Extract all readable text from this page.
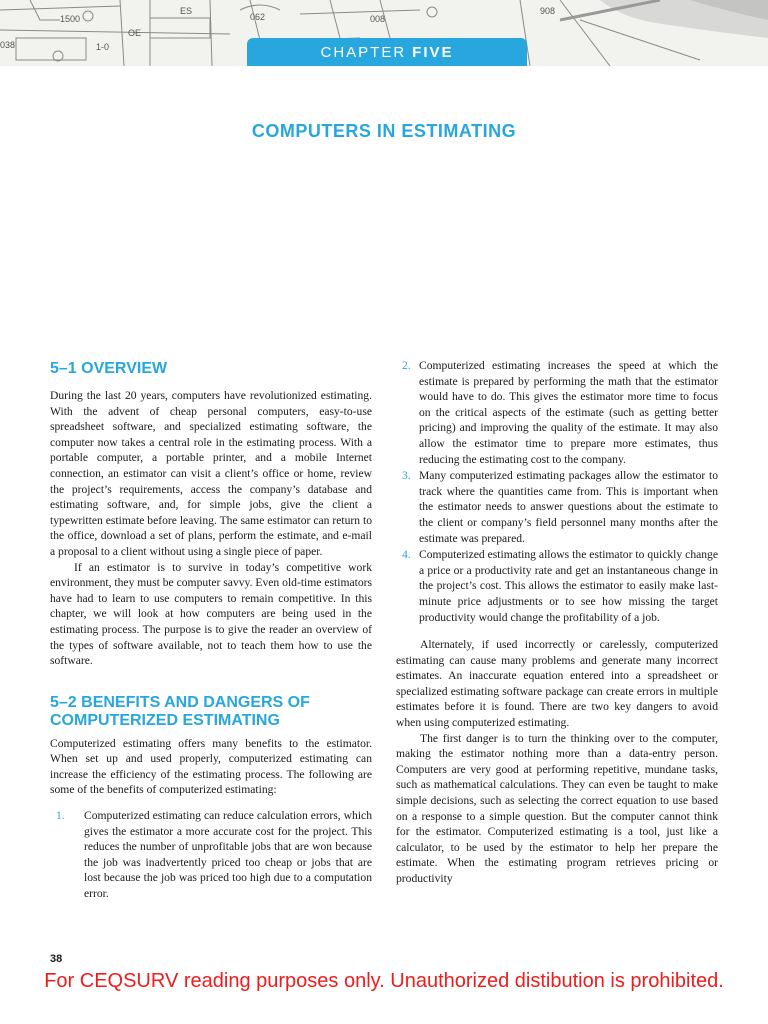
038
1500
OE
1-0
ES
062	008
908
CHAPTER FIVE
COMPUTERS IN ESTIMATING
5–1 OVERVIEW

During the last 20 years, computers have revolutionized estimating. With the advent of cheap personal computers, easy-to-use spreadsheet software, and specialized estimating software, the computer now takes a central role in the estimating process. With a portable computer, a portable printer, and a mobile Internet connection, an estimator can visit a client’s office or home, review the project’s requirements, access the company’s database and estimating software, and, for simple jobs, give the client a typewritten estimate before leaving. The same estimator can return to the office, download a set of plans, perform the estimate, and e-mail a proposal to a client without using a single piece of paper.

If an estimator is to survive in today’s competitive work environment, they must be computer savvy. Even old-time estimators have had to learn to use computers to remain competitive. In this chapter, we will look at how computers are being used in the estimating process. The purpose is to give the reader an overview of the types of software available, not to teach them how to use the software.

5–2 BENEFITS AND DANGERS OF COMPUTERIZED ESTIMATING

Computerized estimating offers many benefits to the estimator. When set up and used properly, computerized estimating can increase the efficiency of the estimating process. The following are some of the benefits of computerized estimating:

1. Computerized estimating can reduce calculation errors, which gives the estimator a more accurate cost for the project. This reduces the number of unprofitable jobs that are won because the job was inadvertently priced too cheap or jobs that are lost because the job was priced too high due to a computation error.
2. Computerized estimating increases the speed at which the estimate is prepared by performing the math that the estimator would have to do. This gives the estimator more time to focus on the critical aspects of the estimate (such as getting better pricing) and improving the quality of the estimate. It may also allow the estimator time to prepare more estimates, thus reducing the estimating cost to the company.
3. Many computerized estimating packages allow the estimator to track where the quantities came from. This is important when the estimator needs to answer questions about the estimate to the client or company’s field personnel many months after the estimate was prepared.
4. Computerized estimating allows the estimator to quickly change a price or a productivity rate and get an instantaneous change in the project’s cost. This allows the estimator to easily make last-minute price adjustments or to see how missing the target productivity would change the profitability of a job.

Alternately, if used incorrectly or carelessly, computerized estimating can cause many problems and generate many incorrect estimates. An inaccurate equation entered into a spreadsheet or specialized estimating software package can create errors in multiple estimates before it is found. There are two key dangers to avoid when using computerized estimating.

The first danger is to turn the thinking over to the computer, making the estimator nothing more than a data-entry person. Computers are very good at performing repetitive, mundane tasks, such as mathematical calculations. They can even be taught to make simple decisions, such as selecting the correct equation to use based on a response to a simple question. But the computer cannot think for the estimator. Computerized estimating is a tool, just like a calculator, to be used by the estimator to help her prepare the estimate. When the estimating program retrieves pricing or productivity

38
For CEQSURV reading purposes only. Unauthorized distibution is prohibited.
